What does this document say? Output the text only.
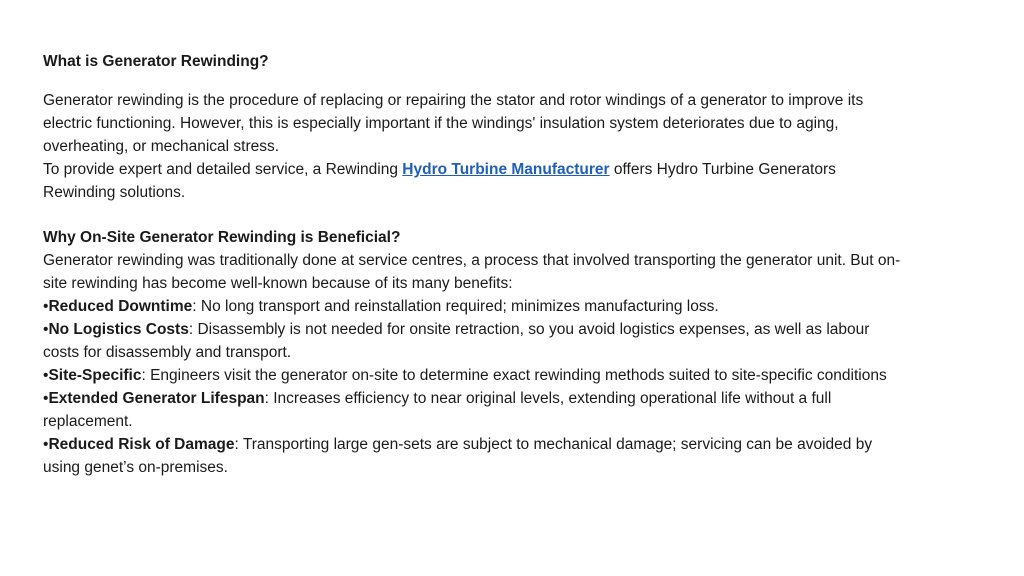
What is Generator Rewinding?

Generator rewinding is the procedure of replacing or repairing the stator and rotor windings of a generator to improve its electric functioning. However, this is especially important if the windings' insulation system deteriorates due to aging, overheating, or mechanical stress.

To provide expert and detailed service, a Rewinding Hydro Turbine Manufacturer offers Hydro Turbine Generators Rewinding solutions.

Why On-Site Generator Rewinding is Beneficial?

Generator rewinding was traditionally done at service centres, a process that involved transporting the generator unit. But on-site rewinding has become well-known because of its many benefits:

•Reduced Downtime: No long transport and reinstallation required; minimizes manufacturing loss.

•No Logistics Costs: Disassembly is not needed for onsite retraction, so you avoid logistics expenses, as well as labour costs for disassembly and transport.

•Site-Specific: Engineers visit the generator on-site to determine exact rewinding methods suited to site-specific conditions

•Extended Generator Lifespan: Increases efficiency to near original levels, extending operational life without a full replacement.

•Reduced Risk of Damage: Transporting large gen-sets are subject to mechanical damage; servicing can be avoided by using genet’s on-premises.
